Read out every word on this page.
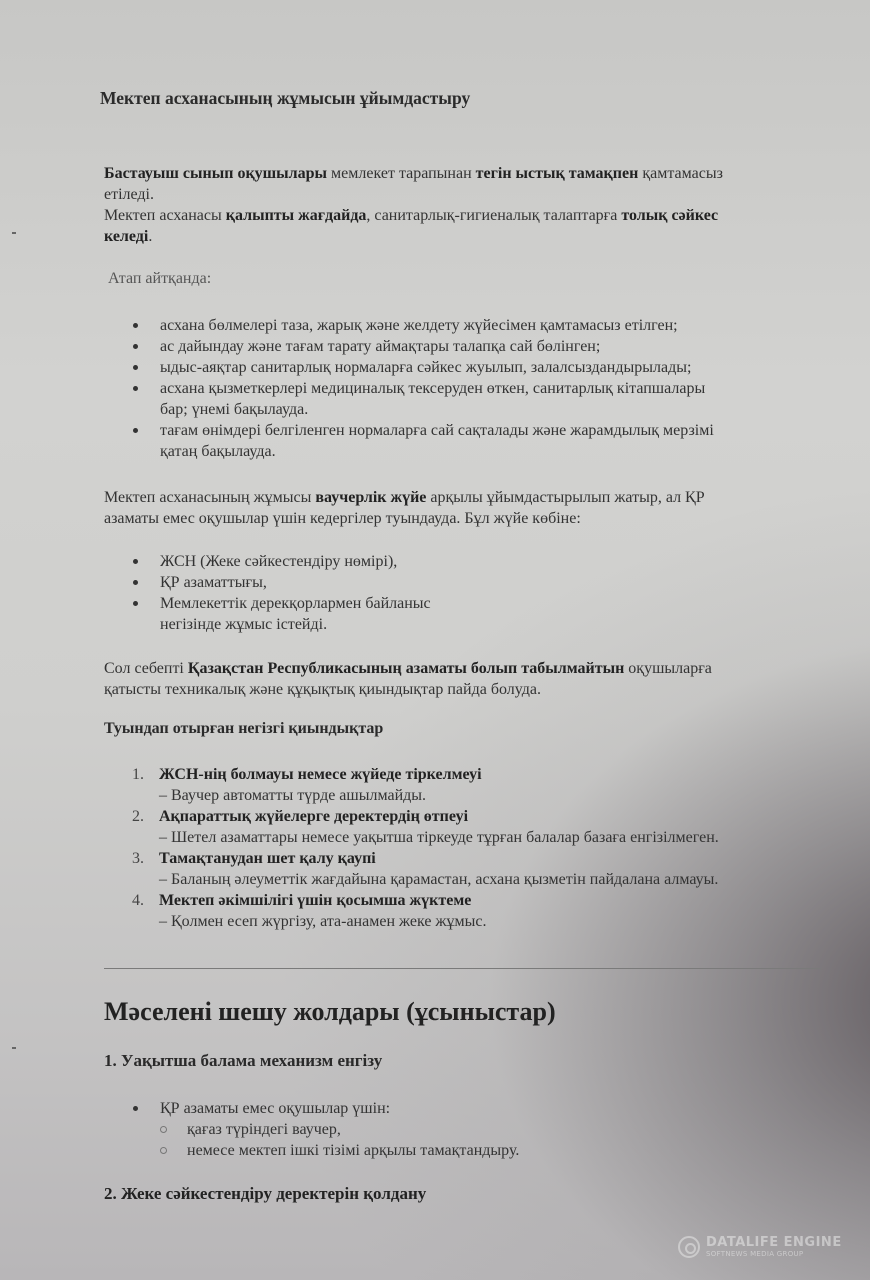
Мектеп асханасының жұмысын ұйымдастыру
Бастауыш сынып оқушылары мемлекет тарапынан тегін ыстық тамақпен қамтамасыз
етіледі.
Мектеп асханасы қалыпты жағдайда, санитарлық-гигиеналық талаптарға толық сәйкес
келеді.
Атап айтқанда:
асхана бөлмелері таза, жарық және желдету жүйесімен қамтамасыз етілген;
ас дайындау және тағам тарату аймақтары талапқа сай бөлінген;
ыдыс-аяқтар санитарлық нормаларға сәйкес жуылып, залалсыздандырылады;
асхана қызметкерлері медициналық тексеруден өткен, санитарлық кітапшалары
бар; үнемі бақылауда.
тағам өнімдері белгіленген нормаларға сай сақталады және жарамдылық мерзімі
қатаң бақылауда.
Мектеп асханасының жұмысы ваучерлік жүйе арқылы ұйымдастырылып жатыр, ал ҚР
азаматы емес оқушылар үшін кедергілер туындауда. Бұл жүйе көбіне:
ЖСН (Жеке сәйкестендіру нөмірі),
ҚР азаматтығы,
Мемлекеттік дерекқорлармен байланыс
негізінде жұмыс істейді.
Сол себепті Қазақстан Республикасының азаматы болып табылмайтын оқушыларға
қатысты техникалық және құқықтық қиындықтар пайда болуда.
Туындап отырған негізгі қиындықтар
1. ЖСН-нің болмауы немесе жүйеде тіркелмеуі
– Ваучер автоматты түрде ашылмайды.
2. Ақпараттық жүйелерге деректердің өтпеуі
– Шетел азаматтары немесе уақытша тіркеуде тұрған балалар базаға енгізілмеген.
3. Тамақтанудан шет қалу қаупі
– Баланың әлеуметтік жағдайына қарамастан, асхана қызметін пайдалана алмауы.
4. Мектеп әкімшілігі үшін қосымша жүктеме
– Қолмен есеп жүргізу, ата-анамен жеке жұмыс.
Мәселені шешу жолдары (ұсыныстар)
1. Уақытша балама механизм енгізу
ҚР азаматы емес оқушылар үшін:
қағаз түріндегі ваучер,
немесе мектеп ішкі тізімі арқылы тамақтандыру.
2. Жеке сәйкестендіру деректерін қолдану
DATALIFE ENGINE
SOFTNEWS MEDIA GROUP
